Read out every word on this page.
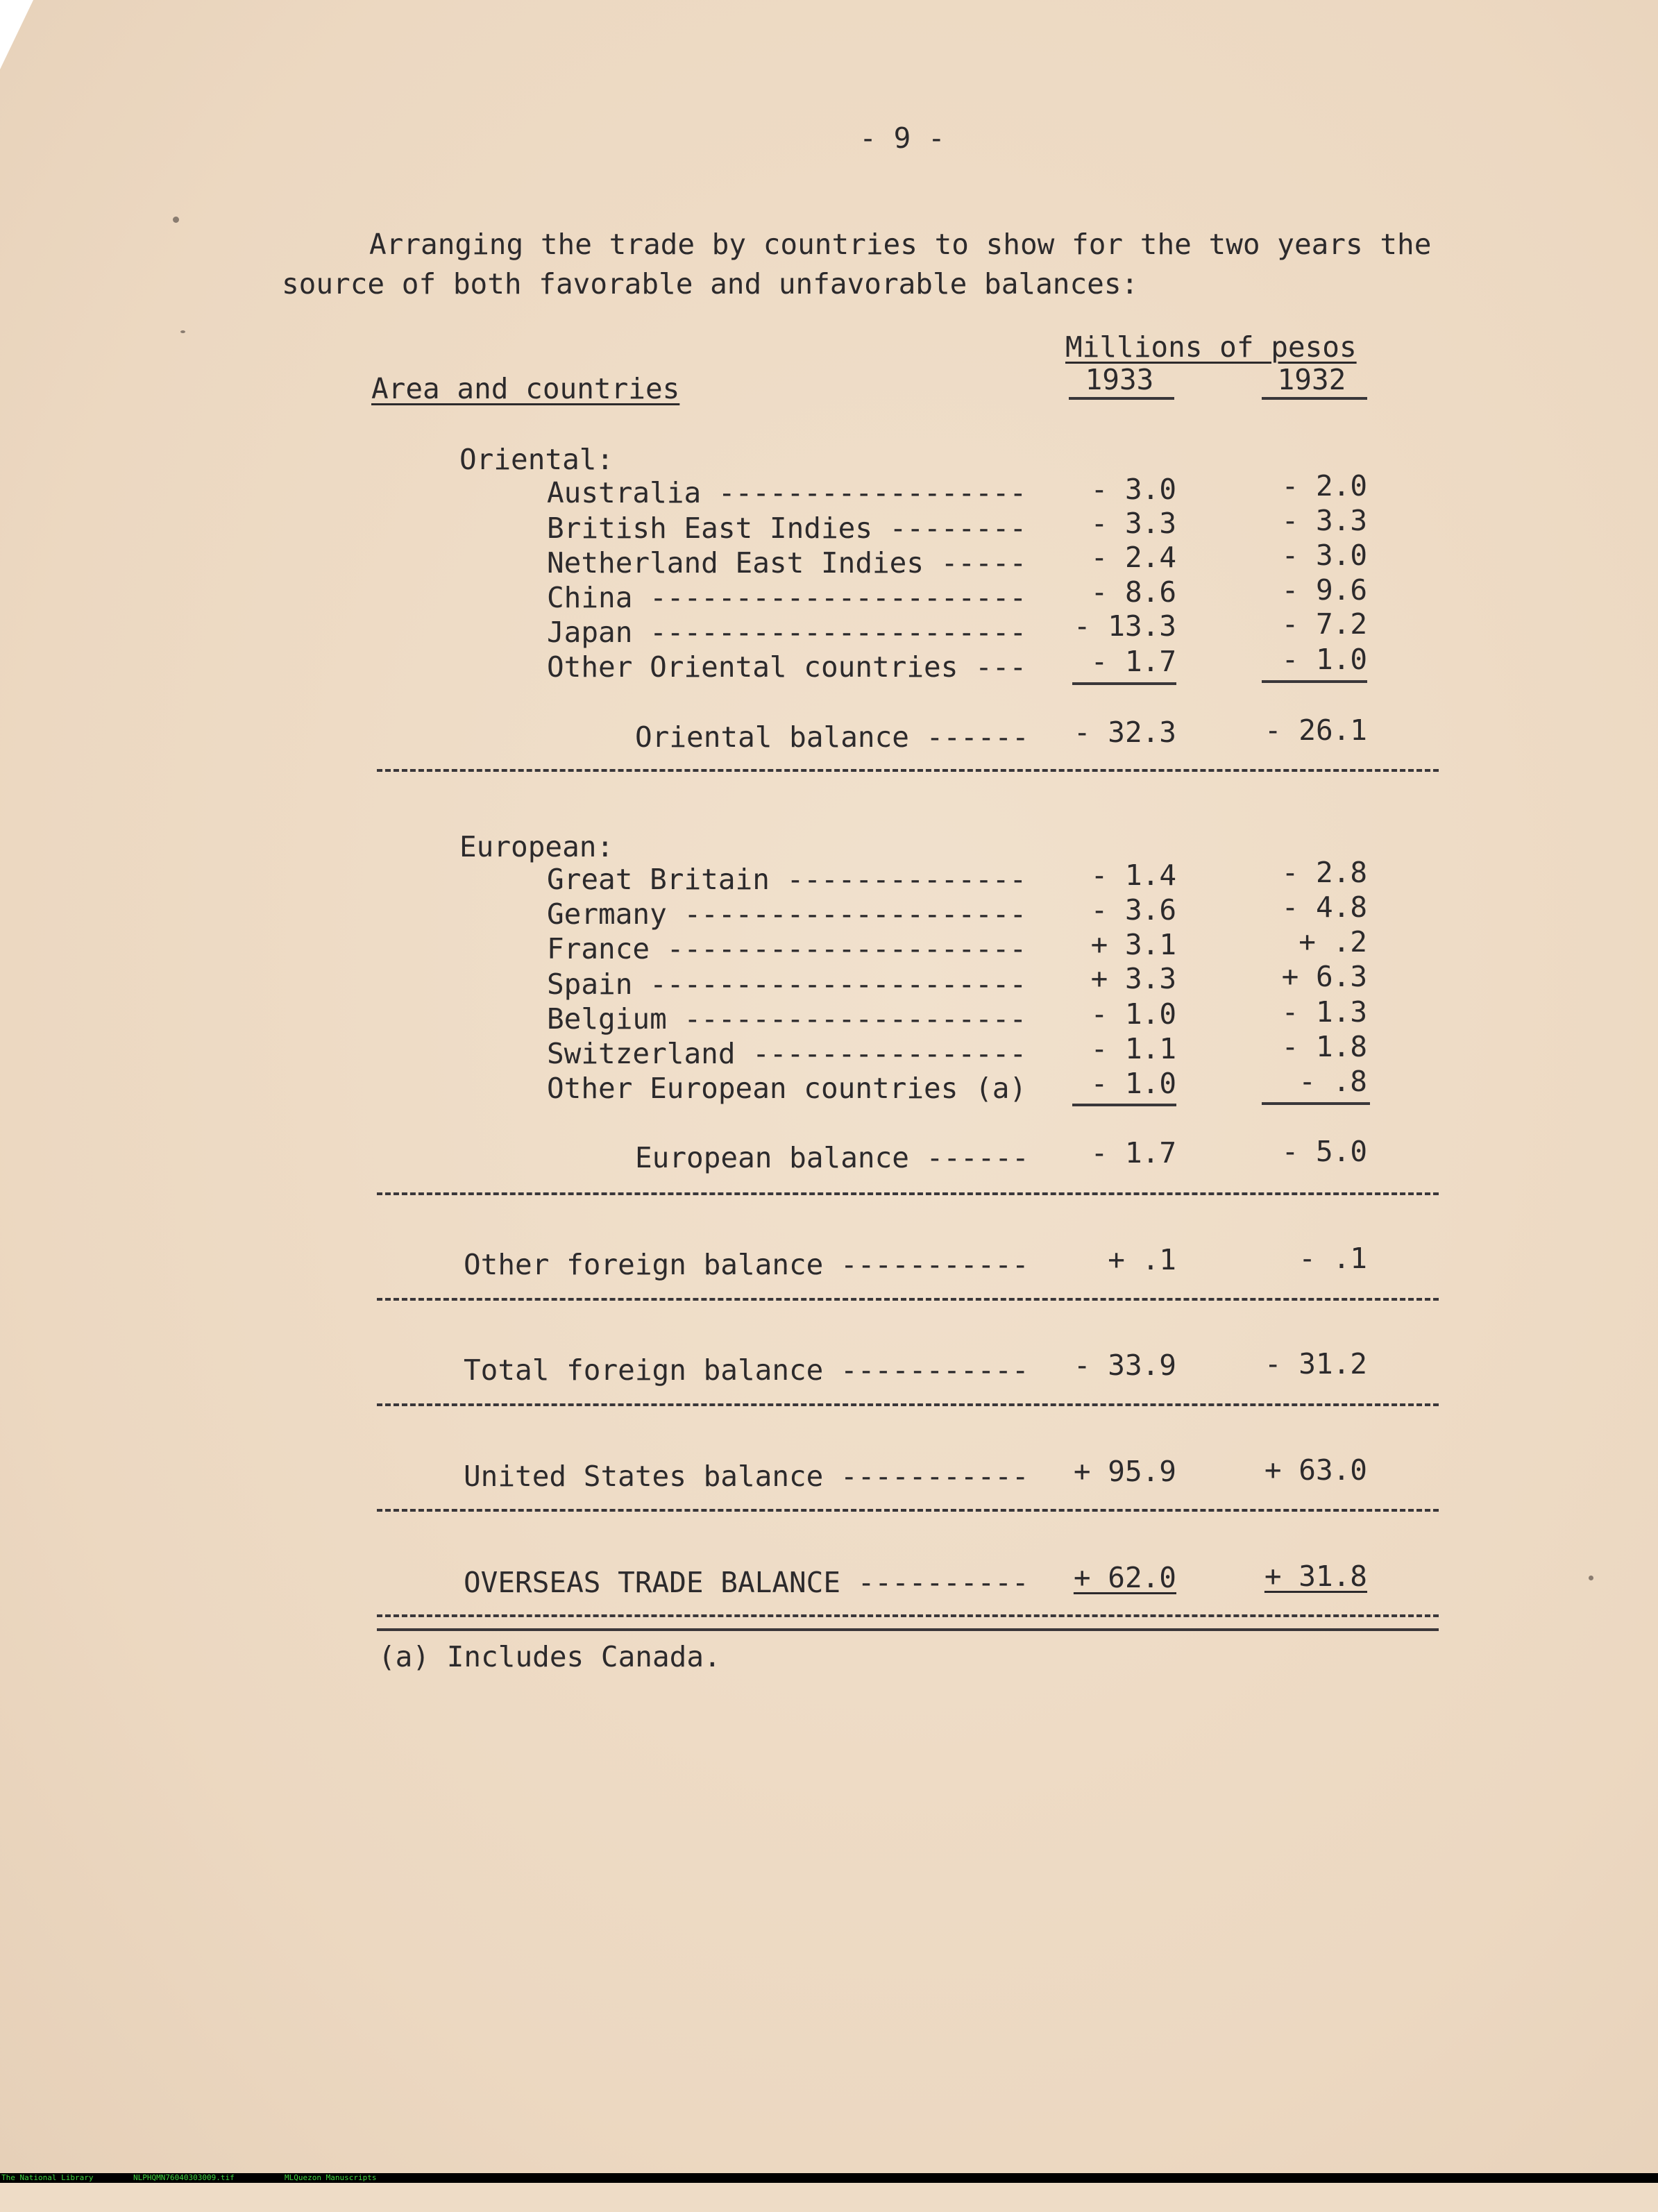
- 9 -
Arranging the trade by countries to show for the two years the
source of both favorable and unfavorable balances:
Millions of pesos
Area and countries	1933	1932
Oriental:
Australia ------------------	- 3.0	- 2.0
British East Indies --------	- 3.3	- 3.3
Netherland East Indies -----	- 2.4	- 3.0
China ----------------------	- 8.6	- 9.6
Japan ----------------------	- 13.3	- 7.2
Other Oriental countries ---	- 1.7	- 1.0
Oriental balance ------	- 32.3	- 26.1
European:
Great Britain --------------	- 1.4	- 2.8
Germany --------------------	- 3.6	- 4.8
France ---------------------	+ 3.1	+ .2
Spain ----------------------	+ 3.3	+ 6.3
Belgium --------------------	- 1.0	- 1.3
Switzerland ----------------	- 1.1	- 1.8
Other European countries (a)	- 1.0	- .8
European balance ------	- 1.7	- 5.0
Other foreign balance -----------	+ .1	- .1
Total foreign balance -----------	- 33.9	- 31.2
United States balance -----------	+ 95.9	+ 63.0
OVERSEAS TRADE BALANCE ----------	+ 62.0	+ 31.8
(a) Includes Canada.

The National Library

	NLPHQMN76040303009.tif

	MLQuezon Manuscripts
